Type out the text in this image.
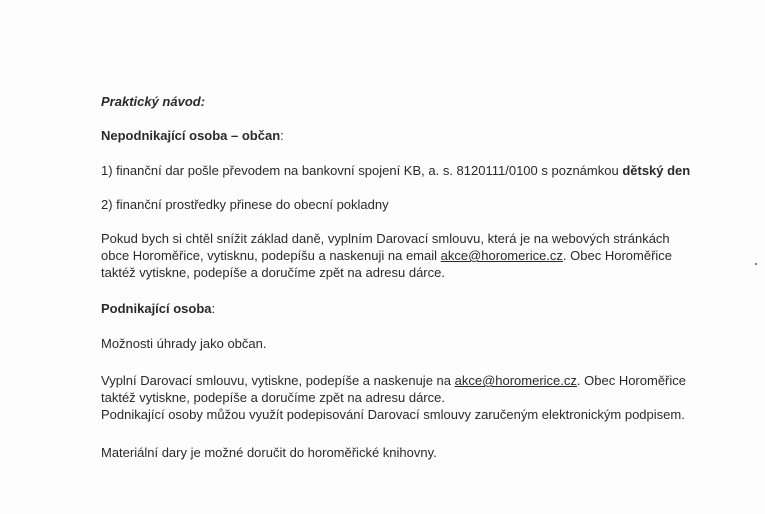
Praktický návod:

Nepodnikající osoba – občan:

1) finanční dar pošle převodem na bankovní spojení KB, a. s. 8120111/0100 s poznámkou dětský den

2) finanční prostředky přinese do obecní pokladny

Pokud bych si chtěl snížit základ daně, vyplním Darovací smlouvu, která je na webových stránkách
obce Horoměřice, vytisknu, podepíšu a naskenuji na email akce@horomerice.cz. Obec Horoměřice
taktéž vytiskne, podepíše a doručíme zpět na adresu dárce.

Podnikající osoba:

Možnosti úhrady jako občan.

Vyplní Darovací smlouvu, vytiskne, podepíše a naskenuje na akce@horomerice.cz. Obec Horoměřice
taktéž vytiskne, podepíše a doručíme zpět na adresu dárce.
Podnikající osoby můžou využít podepisování Darovací smlouvy zaručeným elektronickým podpisem.

Materiální dary je možné doručit do horoměřické knihovny.
